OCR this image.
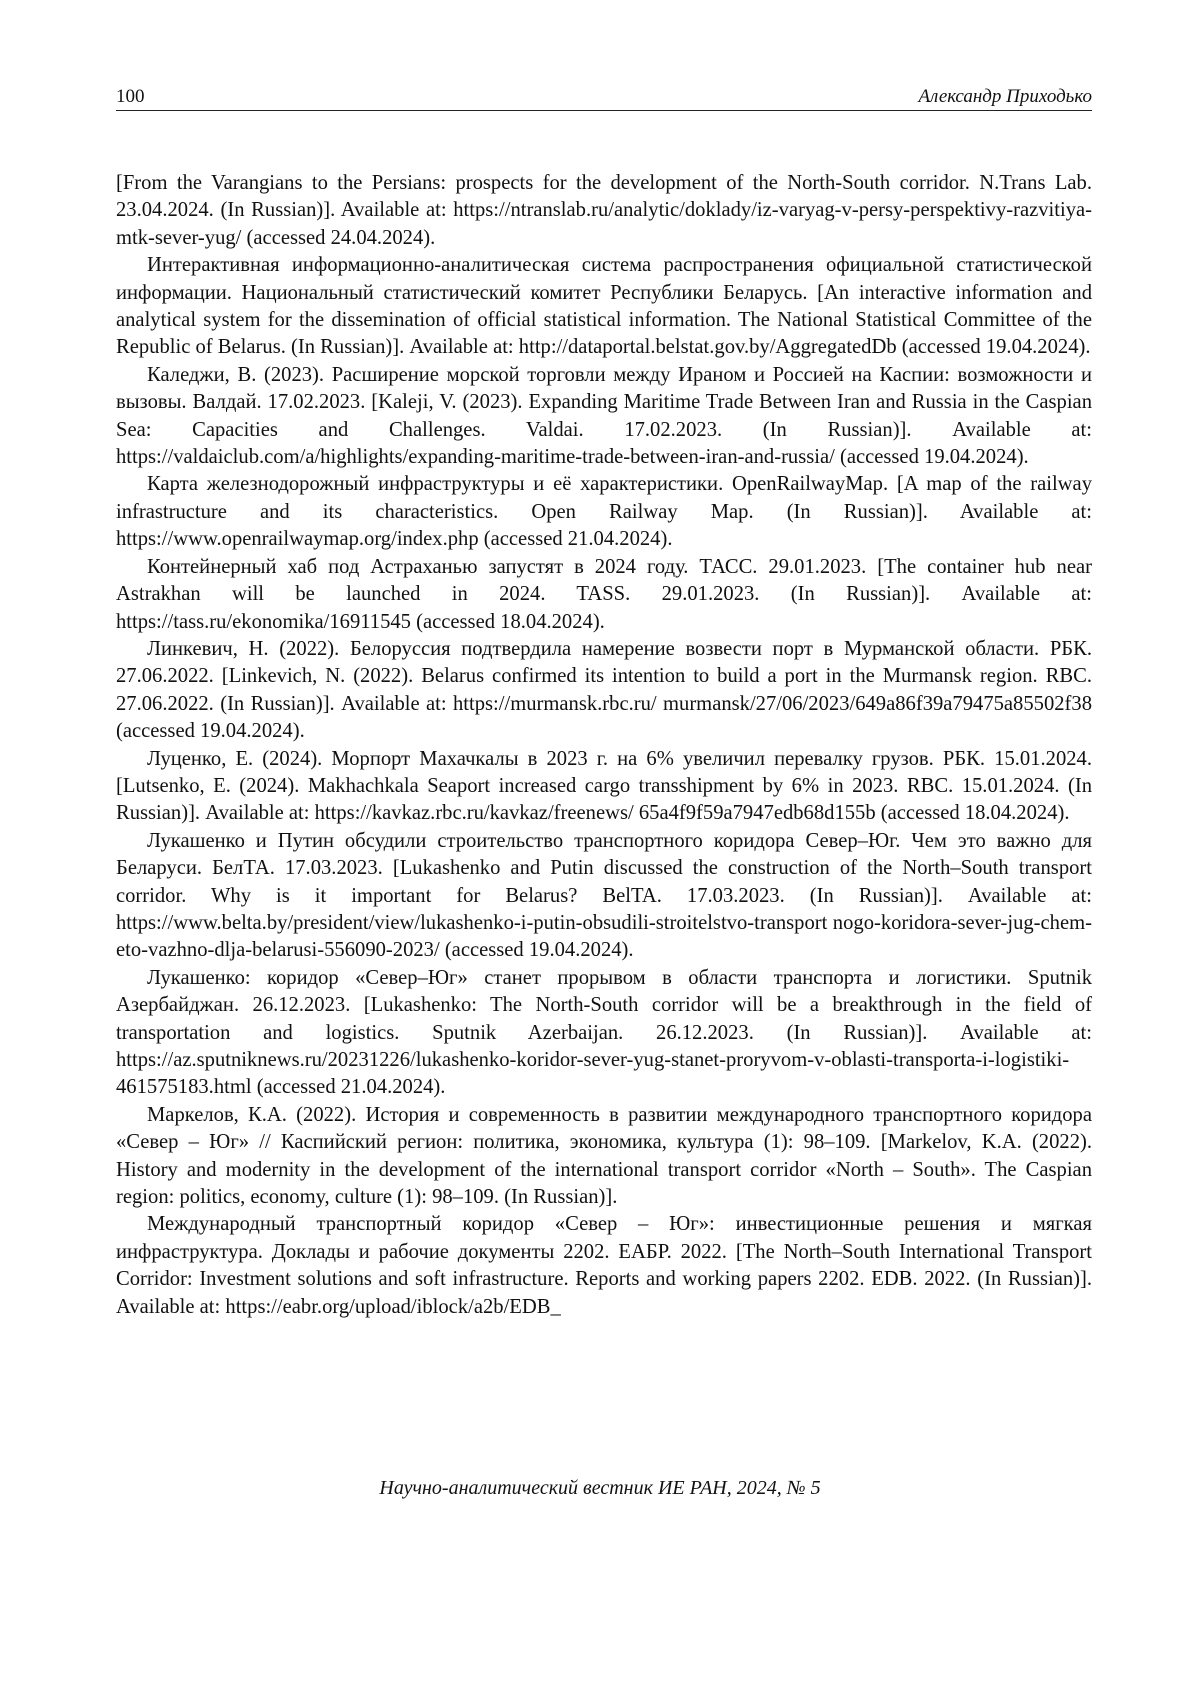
100	Александр Приходько

[From the Varangians to the Persians: prospects for the development of the North-South corridor. N.Trans Lab. 23.04.2024. (In Russian)]. Available at: https://ntranslab.ru/analytic/doklady/iz-varyag-v-persy-perspektivy-razvitiya-mtk-sever-yug/ (accessed 24.04.2024).

Интерактивная информационно-аналитическая система распространения официальной статистической информации. Национальный статистический комитет Республики Беларусь. [An interactive information and analytical system for the dissemination of official statistical information. The National Statistical Committee of the Republic of Belarus. (In Russian)]. Available at: http://dataportal.belstat.gov.by/AggregatedDb (accessed 19.04.2024).

Каледжи, В. (2023). Расширение морской торговли между Ираном и Россией на Каспии: возможности и вызовы. Валдай. 17.02.2023. [Kaleji, V. (2023). Expanding Maritime Trade Between Iran and Russia in the Caspian Sea: Capacities and Challenges. Valdai. 17.02.2023. (In Russian)]. Available at: https://valdaiclub.com/a/highlights/expanding-maritime-trade-between-iran-and-russia/ (accessed 19.04.2024).

Карта железнодорожный инфраструктуры и её характеристики. OpenRailwayMap. [A map of the railway infrastructure and its characteristics. Open Railway Map. (In Russian)]. Available at: https://www.openrailwaymap.org/index.php (accessed 21.04.2024).

Контейнерный хаб под Астраханью запустят в 2024 году. ТАСС. 29.01.2023. [The container hub near Astrakhan will be launched in 2024. TASS. 29.01.2023. (In Russian)]. Available at: https://tass.ru/ekonomika/16911545 (accessed 18.04.2024).

Линкевич, Н. (2022). Белоруссия подтвердила намерение возвести порт в Мурманской области. РБК. 27.06.2022. [Linkevich, N. (2022). Belarus confirmed its intention to build a port in the Murmansk region. RBC. 27.06.2022. (In Russian)]. Available at: https://murmansk.rbc.ru/ murmansk/27/06/2023/649a86f39a79475a85502f38 (accessed 19.04.2024).

Луценко, Е. (2024). Морпорт Махачкалы в 2023 г. на 6% увеличил перевалку грузов. РБК. 15.01.2024. [Lutsenko, E. (2024). Makhachkala Seaport increased cargo transshipment by 6% in 2023. RBC. 15.01.2024. (In Russian)]. Available at: https://kavkaz.rbc.ru/kavkaz/freenews/ 65a4f9f59a7947edb68d155b (accessed 18.04.2024).

Лукашенко и Путин обсудили строительство транспортного коридора Север–Юг. Чем это важно для Беларуси. БелТА. 17.03.2023. [Lukashenko and Putin discussed the construction of the North–South transport corridor. Why is it important for Belarus? BelTA. 17.03.2023. (In Russian)]. Available at: https://www.belta.by/president/view/lukashenko-i-putin-obsudili-stroitelstvo-transport nogo-koridora-sever-jug-chem-eto-vazhno-dlja-belarusi-556090-2023/ (accessed 19.04.2024).

Лукашенко: коридор «Север–Юг» станет прорывом в области транспорта и логистики. Sputnik Азербайджан. 26.12.2023. [Lukashenko: The North-South corridor will be a breakthrough in the field of transportation and logistics. Sputnik Azerbaijan. 26.12.2023. (In Russian)]. Available at: https://az.sputniknews.ru/20231226/lukashenko-koridor-sever-yug-stanet-proryvom-v-oblasti-transporta-i-logistiki-461575183.html (accessed 21.04.2024).

Маркелов, К.А. (2022). История и современность в развитии международного транспортного коридора «Север – Юг» // Каспийский регион: политика, экономика, культура (1): 98–109. [Markelov, K.A. (2022). History and modernity in the development of the international transport corridor «North – South». The Caspian region: politics, economy, culture (1): 98–109. (In Russian)].

Международный транспортный коридор «Север – Юг»: инвестиционные решения и мягкая инфраструктура. Доклады и рабочие документы 2202. ЕАБР. 2022. [The North–South International Transport Corridor: Investment solutions and soft infrastructure. Reports and working papers 2202. EDB. 2022. (In Russian)]. Available at: https://eabr.org/upload/iblock/a2b/EDB_

Научно-аналитический вестник ИЕ РАН, 2024, № 5
